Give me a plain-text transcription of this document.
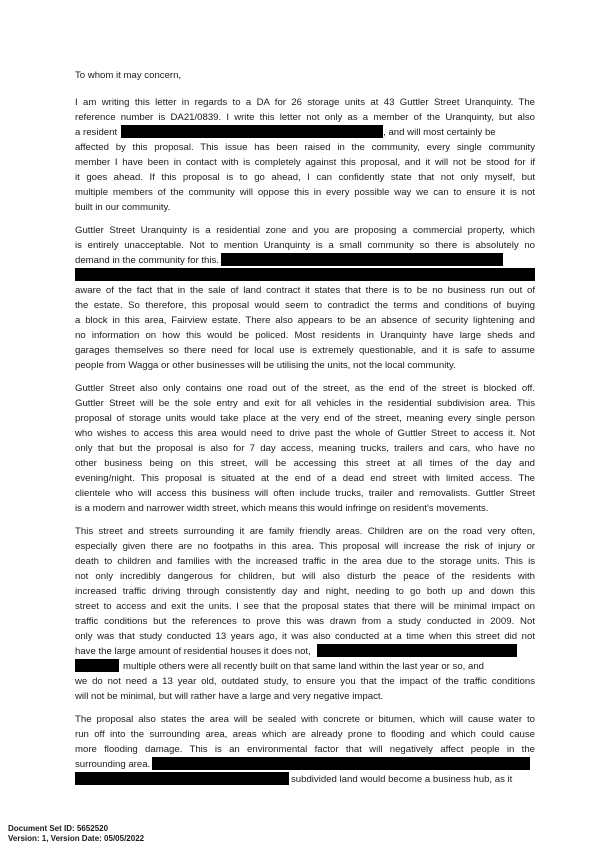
To whom it may concern,
I am writing this letter in regards to a DA for 26 storage units at 43 Guttler Street Uranquinty. The
reference number is DA21/0839. I write this letter not only as a member of the Uranquinty, but also
a resident	, and will most certainly be
affected by this proposal. This issue has been raised in the community, every single community
member I have been in contact with is completely against this proposal, and it will not be stood for if
it goes ahead. If this proposal is to go ahead, I can confidently state that not only myself, but
multiple members of the community will oppose this in every possible way we can to ensure it is not
built in our community.
Guttler Street Uranquinty is a residential zone and you are proposing a commercial property, which
is entirely unacceptable. Not to mention Uranquinty is a small community so there is absolutely no
demand in the community for this.
aware of the fact that in the sale of land contract it states that there is to be no business run out of
the estate. So therefore, this proposal would seem to contradict the terms and conditions of buying
a block in this area, Fairview estate. There also appears to be an absence of security lightening and
no information on how this would be policed. Most residents in Uranquinty have large sheds and
garages themselves so there need for local use is extremely questionable, and it is safe to assume
people from Wagga or other businesses will be utilising the units, not the local community.
Guttler Street also only contains one road out of the street, as the end of the street is blocked off.
Guttler Street will be the sole entry and exit for all vehicles in the residential subdivision area. This
proposal of storage units would take place at the very end of the street, meaning every single person
who wishes to access this area would need to drive past the whole of Guttler Street to access it. Not
only that but the proposal is also for 7 day access, meaning trucks, trailers and cars, who have no
other business being on this street, will be accessing this street at all times of the day and
evening/night. This proposal is situated at the end of a dead end street with limited access. The
clientele who will access this business will often include trucks, trailer and removalists. Guttler Street
is a modern and narrower width street, which means this would infringe on resident's movements.
This street and streets surrounding it are family friendly areas. Children are on the road very often,
especially given there are no footpaths in this area. This proposal will increase the risk of injury or
death to children and families with the increased traffic in the area due to the storage units. This is
not only incredibly dangerous for children, but will also disturb the peace of the residents with
increased traffic driving through consistently day and night, needing to go both up and down this
street to access and exit the units. I see that the proposal states that there will be minimal impact on
traffic conditions but the references to prove this was drawn from a study conducted in 2009. Not
only was that study conducted 13 years ago, it was also conducted at a time when this street did not
have the large amount of residential houses it does not,
multiple others were all recently built on that same land within the last year or so, and
we do not need a 13 year old, outdated study, to ensure you that the impact of the traffic conditions
will not be minimal, but will rather have a large and very negative impact.
The proposal also states the area will be sealed with concrete or bitumen, which will cause water to
run off into the surrounding area, areas which are already prone to flooding and which could cause
more flooding damage. This is an environmental factor that will negatively affect people in the
surrounding area.
subdivided land would become a business hub, as it
Document Set ID: 5652520
Version: 1, Version Date: 05/05/2022
